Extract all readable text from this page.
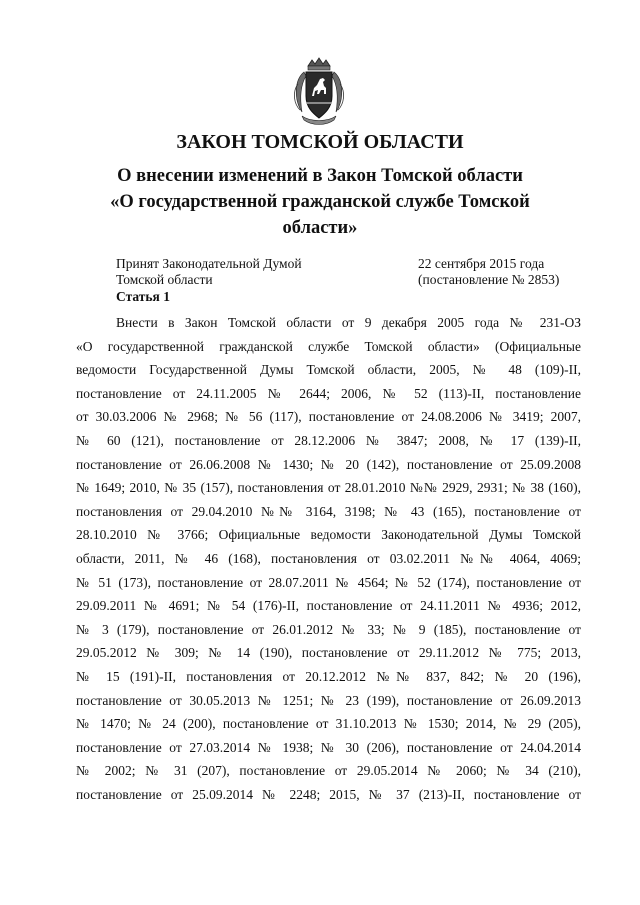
ЗАКОН ТОМСКОЙ ОБЛАСТИ
О внесении изменений в Закон Томской области
«О государственной гражданской службе Томской
области»
Принят Законодательной Думой
Томской области
22 сентября 2015 года
(постановление № 2853)
Статья 1
Внести в Закон Томской области от 9 декабря 2005 года № 231-ОЗ
«О государственной гражданской службе Томской области» (Официальные
ведомости Государственной Думы Томской области, 2005, № 48 (109)-II,
постановление от 24.11.2005 № 2644; 2006, № 52 (113)-II, постановление
от 30.03.2006 № 2968; № 56 (117), постановление от 24.08.2006 № 3419; 2007,
№ 60 (121), постановление от 28.12.2006 № 3847; 2008, № 17 (139)-II,
постановление от 26.06.2008 № 1430; № 20 (142), постановление от 25.09.2008
№ 1649; 2010, № 35 (157), постановления от 28.01.2010 №№ 2929, 2931; № 38 (160),
постановления от 29.04.2010 №№ 3164, 3198; № 43 (165), постановление от
28.10.2010 № 3766; Официальные ведомости Законодательной Думы Томской
области, 2011, № 46 (168), постановления от 03.02.2011 №№ 4064, 4069;
№ 51 (173), постановление от 28.07.2011 № 4564; № 52 (174), постановление от
29.09.2011 № 4691; № 54 (176)-II, постановление от 24.11.2011 № 4936; 2012,
№ 3 (179), постановление от 26.01.2012 № 33; № 9 (185), постановление от
29.05.2012 № 309; № 14 (190), постановление от 29.11.2012 № 775; 2013,
№ 15 (191)-II, постановления от 20.12.2012 №№ 837, 842; № 20 (196),
постановление от 30.05.2013 № 1251; № 23 (199), постановление от 26.09.2013
№ 1470; № 24 (200), постановление от 31.10.2013 № 1530; 2014, № 29 (205),
постановление от 27.03.2014 № 1938; № 30 (206), постановление от 24.04.2014
№ 2002; № 31 (207), постановление от 29.05.2014 № 2060; № 34 (210),
постановление от 25.09.2014 № 2248; 2015, № 37 (213)-II, постановление от
